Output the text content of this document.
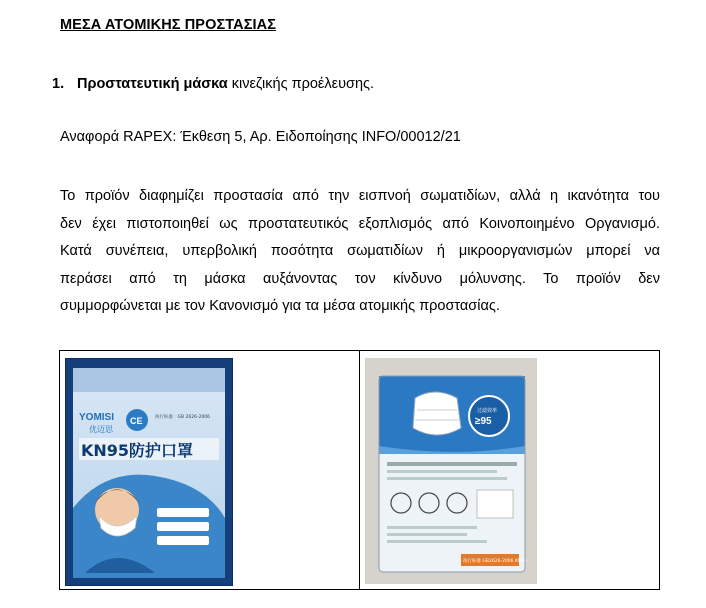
ΜΕΣΑ ΑΤΟΜΙΚΗΣ ΠΡΟΣΤΑΣΙΑΣ
1. Προστατευτική μάσκα κινεζικής προέλευσης.
Αναφορά RAPEX: Έκθεση 5, Αρ. Ειδοποίησης INFO/00012/21
Το προϊόν διαφημίζει προστασία από την εισπνοή σωματιδίων, αλλά η ικανότητα του
δεν έχει πιστοποιηθεί ως προστατευτικός εξοπλισμός από Κοινοποιημένο Οργανισμό.
Κατά συνέπεια, υπερβολική ποσότητα σωματιδίων ή μικροοργανισμών μπορεί να
περάσει από τη μάσκα αυξάνοντας τον κίνδυνο μόλυνσης. Το προϊόν δεν
συμμορφώνεται με τον Κανονισμό για τα μέσα ατομικής προστασίας.
YOMISI
优迈思
CE	执行标准：GB 2626-2006
KN95防护口罩

过滤效率
≥95
执行标准 GB2626-2006 KN95
